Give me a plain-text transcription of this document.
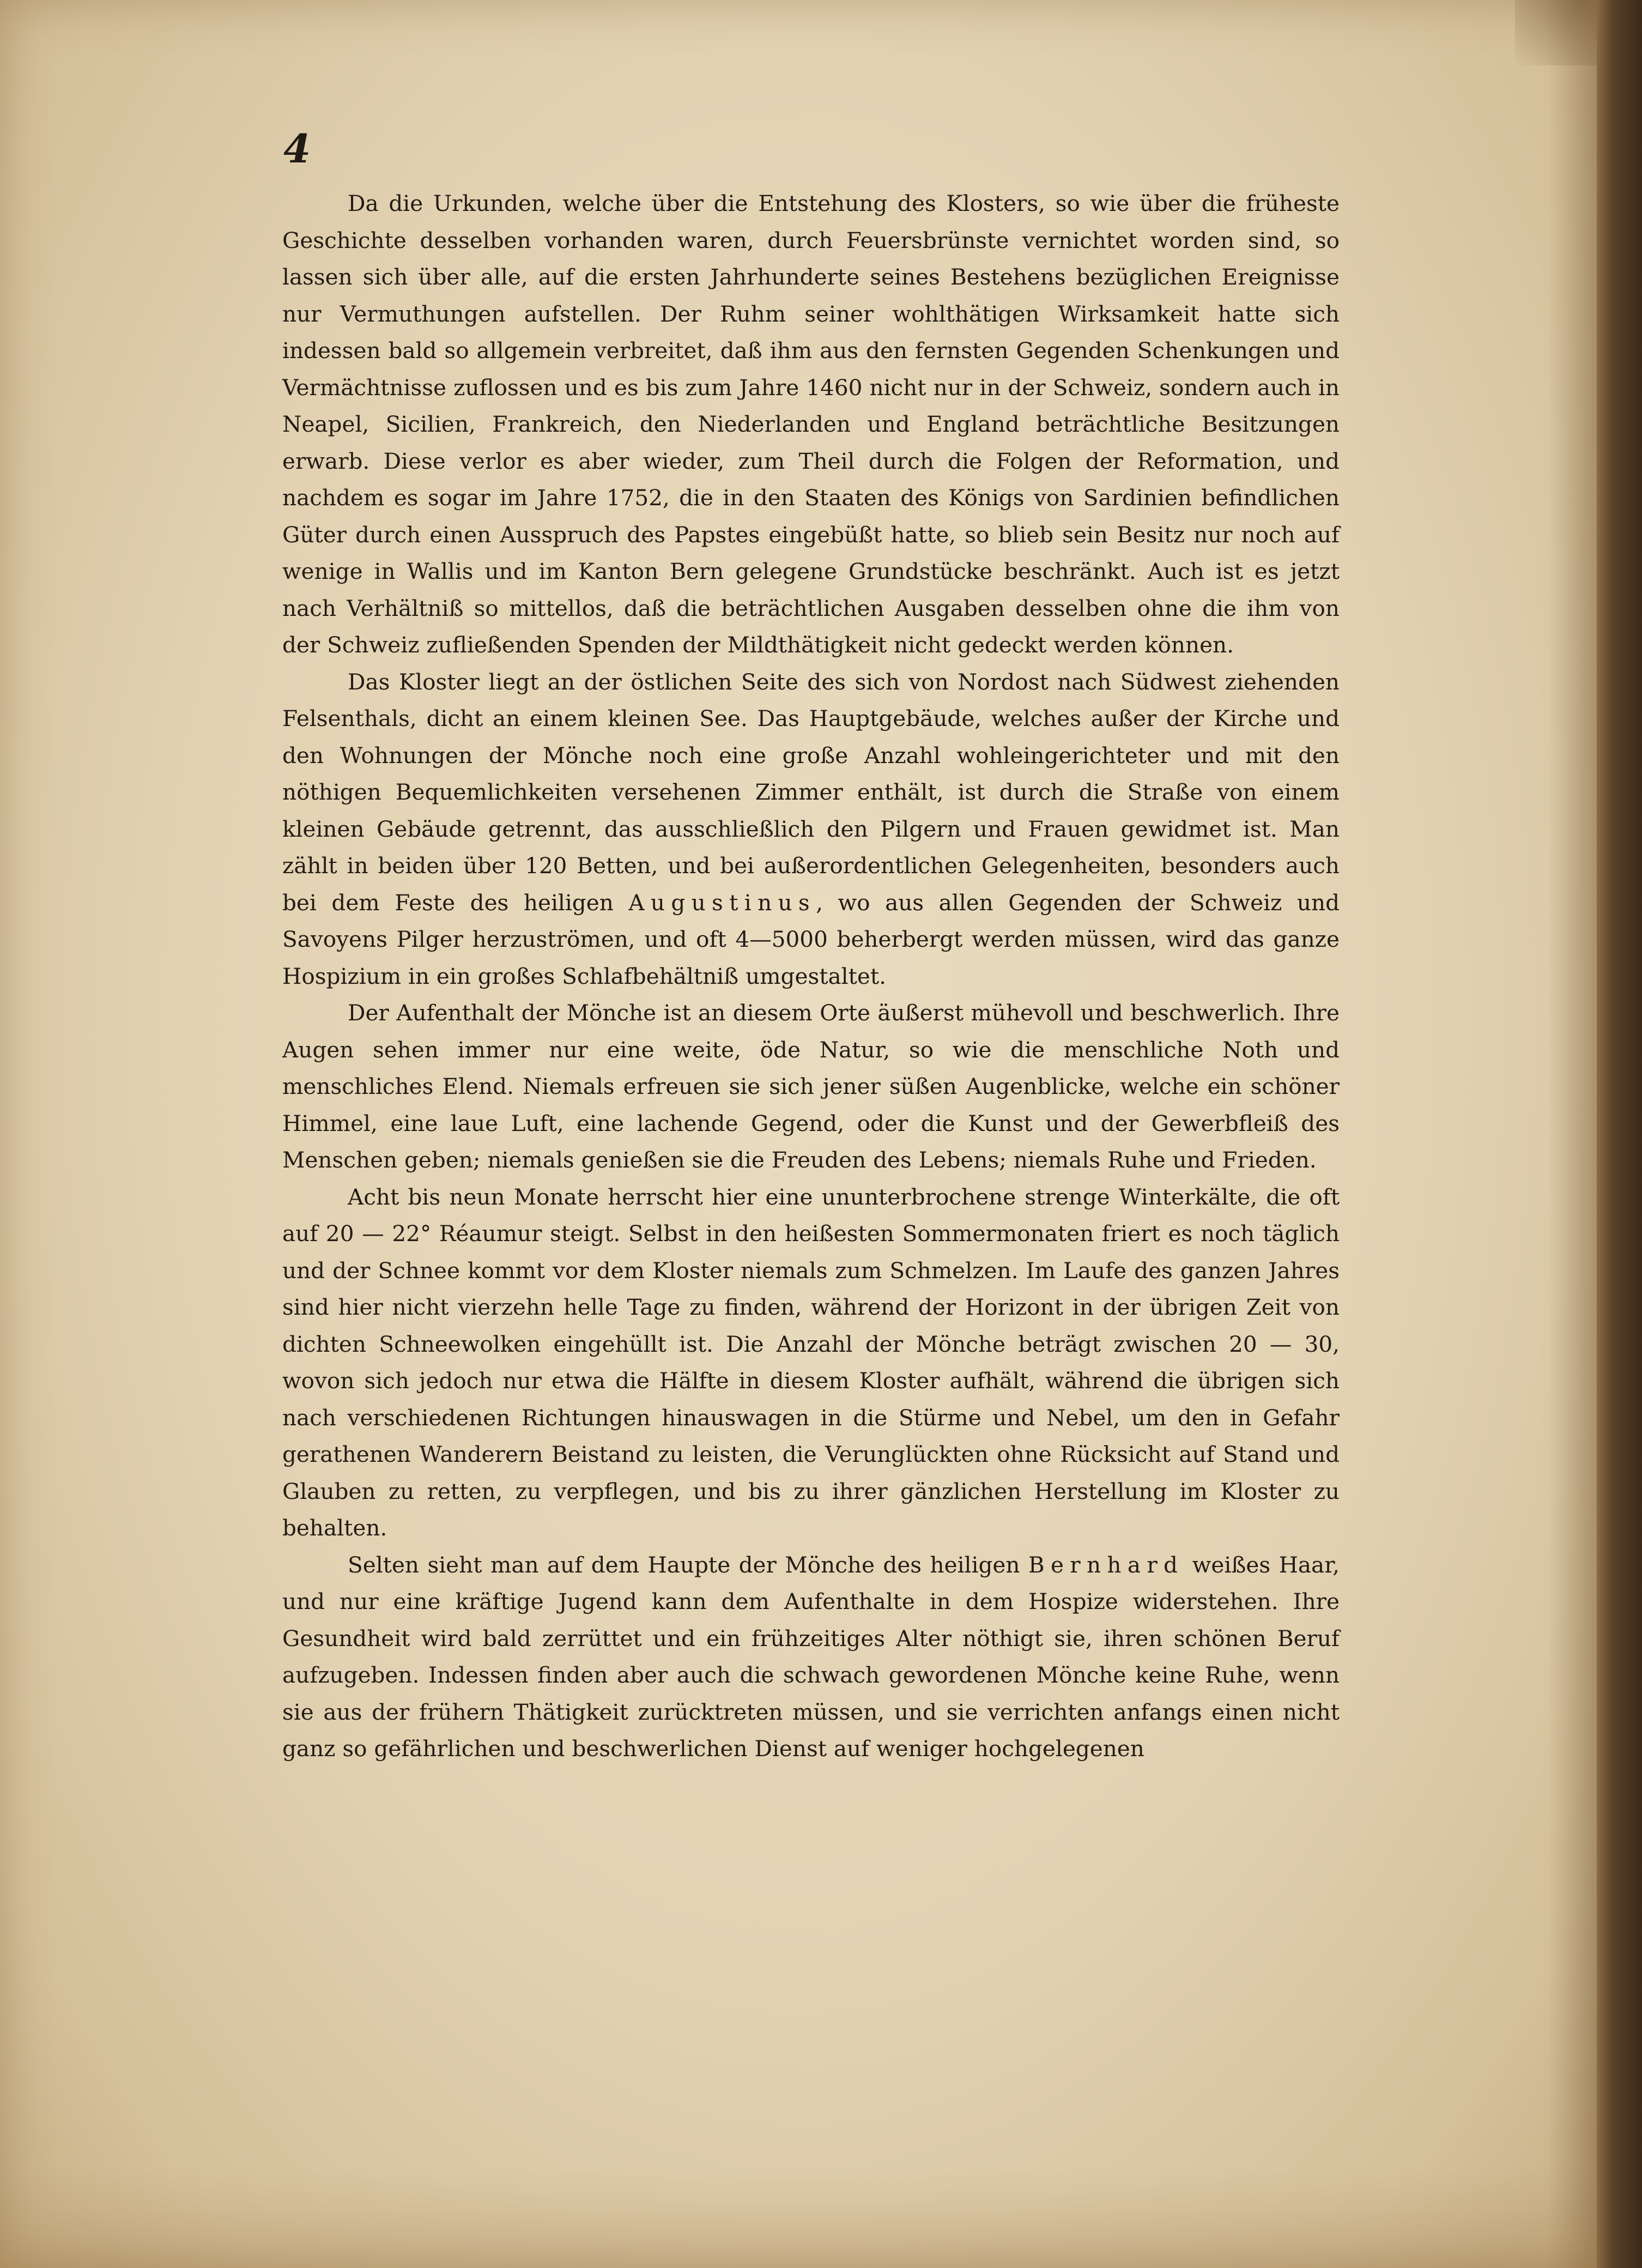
4

Da die Urkunden, welche über die Entstehung des Klosters, so wie über die früheste Geschichte desselben vorhanden waren, durch Feuersbrünste vernichtet worden sind, so lassen sich über alle, auf die ersten Jahrhunderte seines Bestehens bezüglichen Ereignisse nur Vermuthungen aufstellen. Der Ruhm seiner wohlthätigen Wirksamkeit hatte sich indessen bald so allgemein verbreitet, daß ihm aus den fernsten Gegenden Schenkungen und Vermächtnisse zuflossen und es bis zum Jahre 1460 nicht nur in der Schweiz, sondern auch in Neapel, Sicilien, Frankreich, den Niederlanden und England beträchtliche Besitzungen erwarb. Diese verlor es aber wieder, zum Theil durch die Folgen der Reformation, und nachdem es sogar im Jahre 1752, die in den Staaten des Königs von Sardinien befindlichen Güter durch einen Ausspruch des Papstes eingebüßt hatte, so blieb sein Besitz nur noch auf wenige in Wallis und im Kanton Bern gelegene Grundstücke beschränkt. Auch ist es jetzt nach Verhältniß so mittellos, daß die beträchtlichen Ausgaben desselben ohne die ihm von der Schweiz zufließenden Spenden der Mildthätigkeit nicht gedeckt werden können.

Das Kloster liegt an der östlichen Seite des sich von Nordost nach Südwest ziehenden Felsenthals, dicht an einem kleinen See. Das Hauptgebäude, welches außer der Kirche und den Wohnungen der Mönche noch eine große Anzahl wohleingerichteter und mit den nöthigen Bequemlichkeiten versehenen Zimmer enthält, ist durch die Straße von einem kleinen Gebäude getrennt, das ausschließlich den Pilgern und Frauen gewidmet ist. Man zählt in beiden über 120 Betten, und bei außerordentlichen Gelegenheiten, besonders auch bei dem Feste des heiligen Augustinus, wo aus allen Gegenden der Schweiz und Savoyens Pilger herzuströmen, und oft 4—5000 beherbergt werden müssen, wird das ganze Hospizium in ein großes Schlafbehältniß umgestaltet.

Der Aufenthalt der Mönche ist an diesem Orte äußerst mühevoll und beschwerlich. Ihre Augen sehen immer nur eine weite, öde Natur, so wie die menschliche Noth und menschliches Elend. Niemals erfreuen sie sich jener süßen Augenblicke, welche ein schöner Himmel, eine laue Luft, eine lachende Gegend, oder die Kunst und der Gewerbfleiß des Menschen geben; niemals genießen sie die Freuden des Lebens; niemals Ruhe und Frieden.

Acht bis neun Monate herrscht hier eine ununterbrochene strenge Winterkälte, die oft auf 20 — 22° Réaumur steigt. Selbst in den heißesten Sommermonaten friert es noch täglich und der Schnee kommt vor dem Kloster niemals zum Schmelzen. Im Laufe des ganzen Jahres sind hier nicht vierzehn helle Tage zu finden, während der Horizont in der übrigen Zeit von dichten Schneewolken eingehüllt ist. Die Anzahl der Mönche beträgt zwischen 20 — 30, wovon sich jedoch nur etwa die Hälfte in diesem Kloster aufhält, während die übrigen sich nach verschiedenen Richtungen hinauswagen in die Stürme und Nebel, um den in Gefahr gerathenen Wanderern Beistand zu leisten, die Verunglückten ohne Rücksicht auf Stand und Glauben zu retten, zu verpflegen, und bis zu ihrer gänzlichen Herstellung im Kloster zu behalten.

Selten sieht man auf dem Haupte der Mönche des heiligen Bernhard weißes Haar, und nur eine kräftige Jugend kann dem Aufenthalte in dem Hospize widerstehen. Ihre Gesundheit wird bald zerrüttet und ein frühzeitiges Alter nöthigt sie, ihren schönen Beruf aufzugeben. Indessen finden aber auch die schwach gewordenen Mönche keine Ruhe, wenn sie aus der frühern Thätigkeit zurücktreten müssen, und sie verrichten anfangs einen nicht ganz so gefährlichen und beschwerlichen Dienst auf weniger hochgelegenen
